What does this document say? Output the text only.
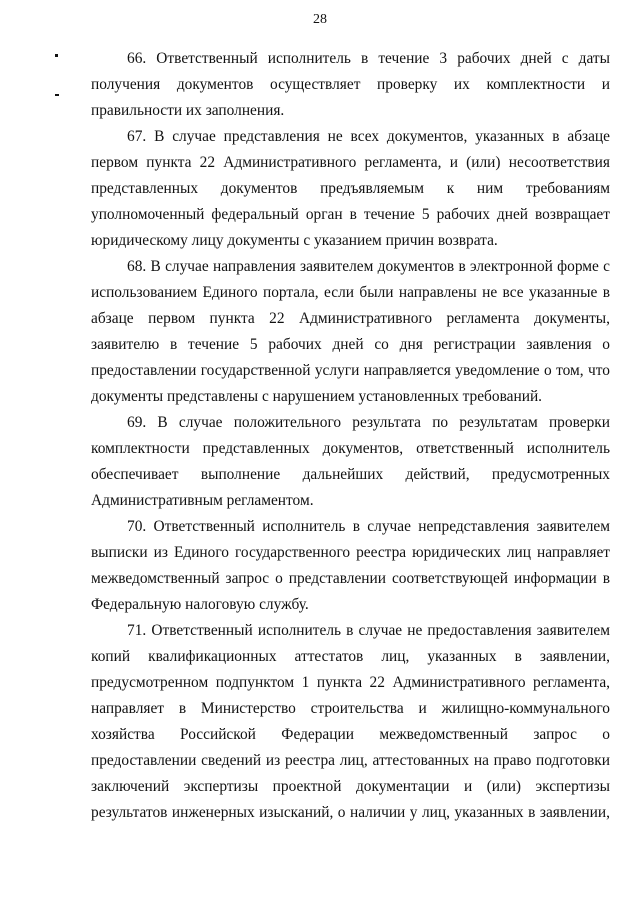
28

66. Ответственный исполнитель в течение 3 рабочих дней с даты получения документов осуществляет проверку их комплектности и правильности их заполнения.

67. В случае представления не всех документов, указанных в абзаце первом пункта 22 Административного регламента, и (или) несоответствия представленных документов предъявляемым к ним требованиям уполномоченный федеральный орган в течение 5 рабочих дней возвращает юридическому лицу документы с указанием причин возврата.

68. В случае направления заявителем документов в электронной форме с использованием Единого портала, если были направлены не все указанные в абзаце первом пункта 22 Административного регламента документы, заявителю в течение 5 рабочих дней со дня регистрации заявления о предоставлении государственной услуги направляется уведомление о том, что документы представлены с нарушением установленных требований.

69. В случае положительного результата по результатам проверки комплектности представленных документов, ответственный исполнитель обеспечивает выполнение дальнейших действий, предусмотренных Административным регламентом.

70. Ответственный исполнитель в случае непредставления заявителем выписки из Единого государственного реестра юридических лиц направляет межведомственный запрос о представлении соответствующей информации в Федеральную налоговую службу.

71. Ответственный исполнитель в случае не предоставления заявителем копий квалификационных аттестатов лиц, указанных в заявлении, предусмотренном подпунктом 1 пункта 22 Административного регламента, направляет в Министерство строительства и жилищно-коммунального хозяйства Российской Федерации межведомственный запрос о предоставлении сведений из реестра лиц, аттестованных на право подготовки заключений экспертизы проектной документации и (или) экспертизы результатов инженерных изысканий, о наличии у лиц, указанных в заявлении,
